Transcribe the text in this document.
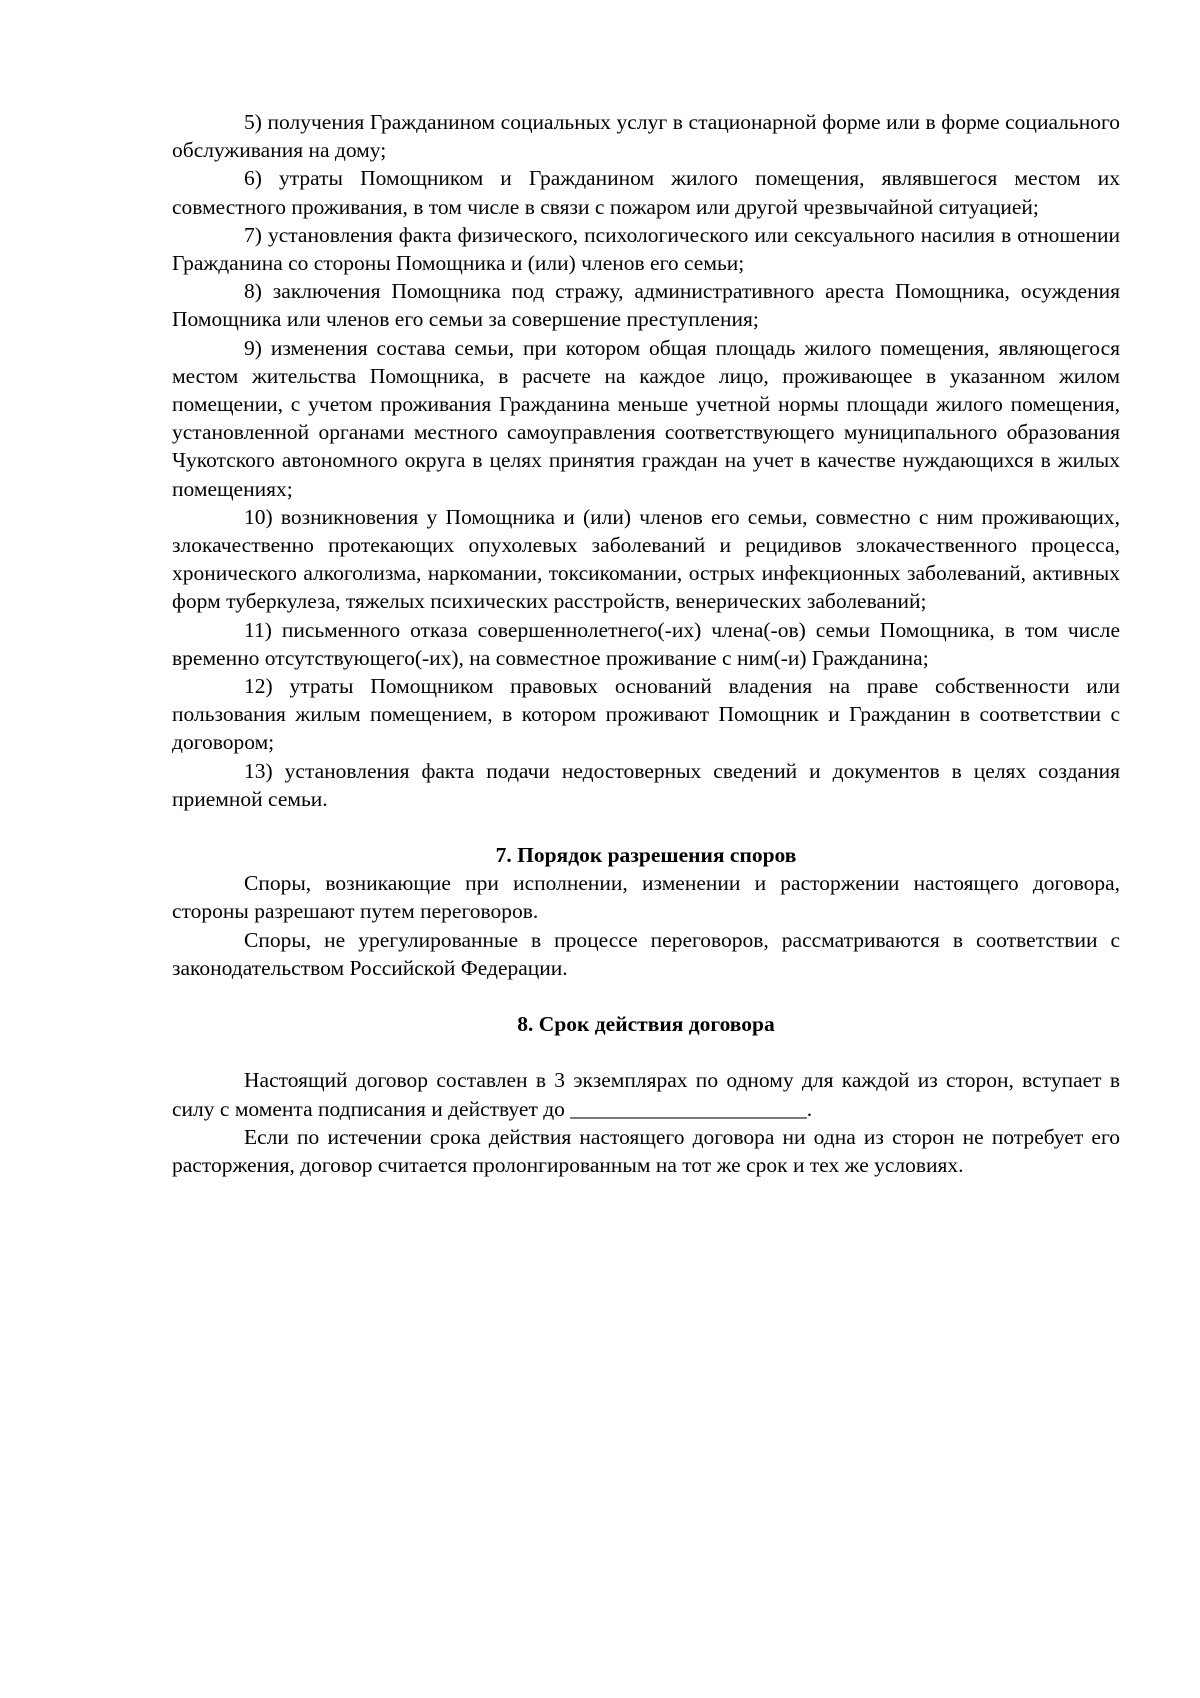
5) получения Гражданином социальных услуг в стационарной форме или в форме социального обслуживания на дому;

6) утраты Помощником и Гражданином жилого помещения, являвшегося местом их совместного проживания, в том числе в связи с пожаром или другой чрезвычайной ситуацией;

7) установления факта физического, психологического или сексуального насилия в отношении Гражданина со стороны Помощника и (или) членов его семьи;

8) заключения Помощника под стражу, административного ареста Помощника, осуждения Помощника или членов его семьи за совершение преступления;

9) изменения состава семьи, при котором общая площадь жилого помещения, являющегося местом жительства Помощника, в расчете на каждое лицо, проживающее в указанном жилом помещении, с учетом проживания Гражданина меньше учетной нормы площади жилого помещения, установленной органами местного самоуправления соответствующего муниципального образования Чукотского автономного округа в целях принятия граждан на учет в качестве нуждающихся в жилых помещениях;

10) возникновения у Помощника и (или) членов его семьи, совместно с ним проживающих, злокачественно протекающих опухолевых заболеваний и рецидивов злокачественного процесса, хронического алкоголизма, наркомании, токсикомании, острых инфекционных заболеваний, активных форм туберкулеза, тяжелых психических расстройств, венерических заболеваний;

11) письменного отказа совершеннолетнего(-их) члена(-ов) семьи Помощника, в том числе временно отсутствующего(-их), на совместное проживание с ним(-и) Гражданина;

12) утраты Помощником правовых оснований владения на праве собственности или пользования жилым помещением, в котором проживают Помощник и Гражданин в соответствии с договором;

13) установления факта подачи недостоверных сведений и документов в целях создания приемной семьи.

7. Порядок разрешения споров

Споры, возникающие при исполнении, изменении и расторжении настоящего договора, стороны разрешают путем переговоров.

Споры, не урегулированные в процессе переговоров, рассматриваются в соответствии с законодательством Российской Федерации.

8. Срок действия договора

Настоящий договор составлен в 3 экземплярах по одному для каждой из сторон, вступает в силу с момента подписания и действует до ______________________.

Если по истечении срока действия настоящего договора ни одна из сторон не потребует его расторжения, договор считается пролонгированным на тот же срок и тех же условиях.
